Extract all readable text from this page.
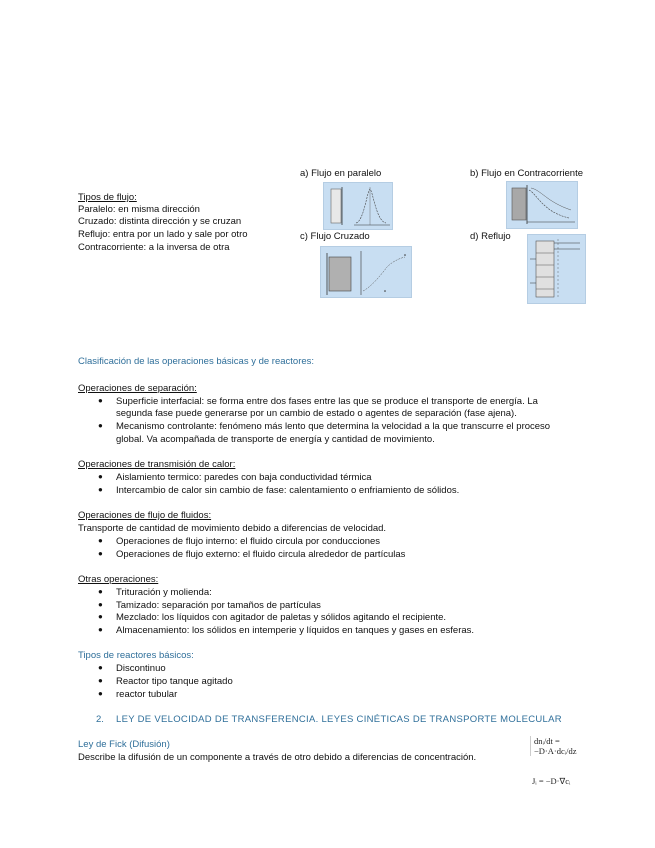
Tipos de flujo:
Paralelo: en misma dirección
Cruzado: distinta dirección y se cruzan
Reflujo: entra por un lado y sale por otro
Contracorriente: a la inversa de otra
a) Flujo en paralelo	b) Flujo en Contracorriente
c) Flujo Cruzado	d) Reflujo
Clasificación de las operaciones básicas y de reactores:
Operaciones de separación:
● Superficie interfacial: se forma entre dos fases entre las que se produce el transporte de energía. La
segunda fase puede generarse por un cambio de estado o agentes de separación (fase ajena).
● Mecanismo controlante: fenómeno más lento que determina la velocidad a la que transcurre el proceso
global. Va acompañada de transporte de energía y cantidad de movimiento.
Operaciones de transmisión de calor:
● Aislamiento termico: paredes con baja conductividad térmica
● Intercambio de calor sin cambio de fase: calentamiento o enfriamiento de sólidos.
Operaciones de flujo de fluidos:
Transporte de cantidad de movimiento debido a diferencias de velocidad.
● Operaciones de flujo interno: el fluido circula por conducciones
● Operaciones de flujo externo: el fluido circula alrededor de partículas
Otras operaciones:
● Trituración y molienda:
● Tamizado: separación por tamaños de partículas
● Mezclado: los líquidos con agitador de paletas y sólidos agitando el recipiente.
● Almacenamiento: los sólidos en intemperie y líquidos en tanques y gases en esferas.
Tipos de reactores básicos:
● Discontinuo
● Reactor tipo tanque agitado
● reactor tubular
2. LEY DE VELOCIDAD DE TRANSFERENCIA. LEYES CINÉTICAS DE TRANSPORTE MOLECULAR
Ley de Fick (Difusión)
Describe la difusión de un componente a través de otro debido a diferencias de concentración.
dnᵢ/dt = −D·A·dcᵢ/dz
Jᵢ = −D·∇cᵢ
